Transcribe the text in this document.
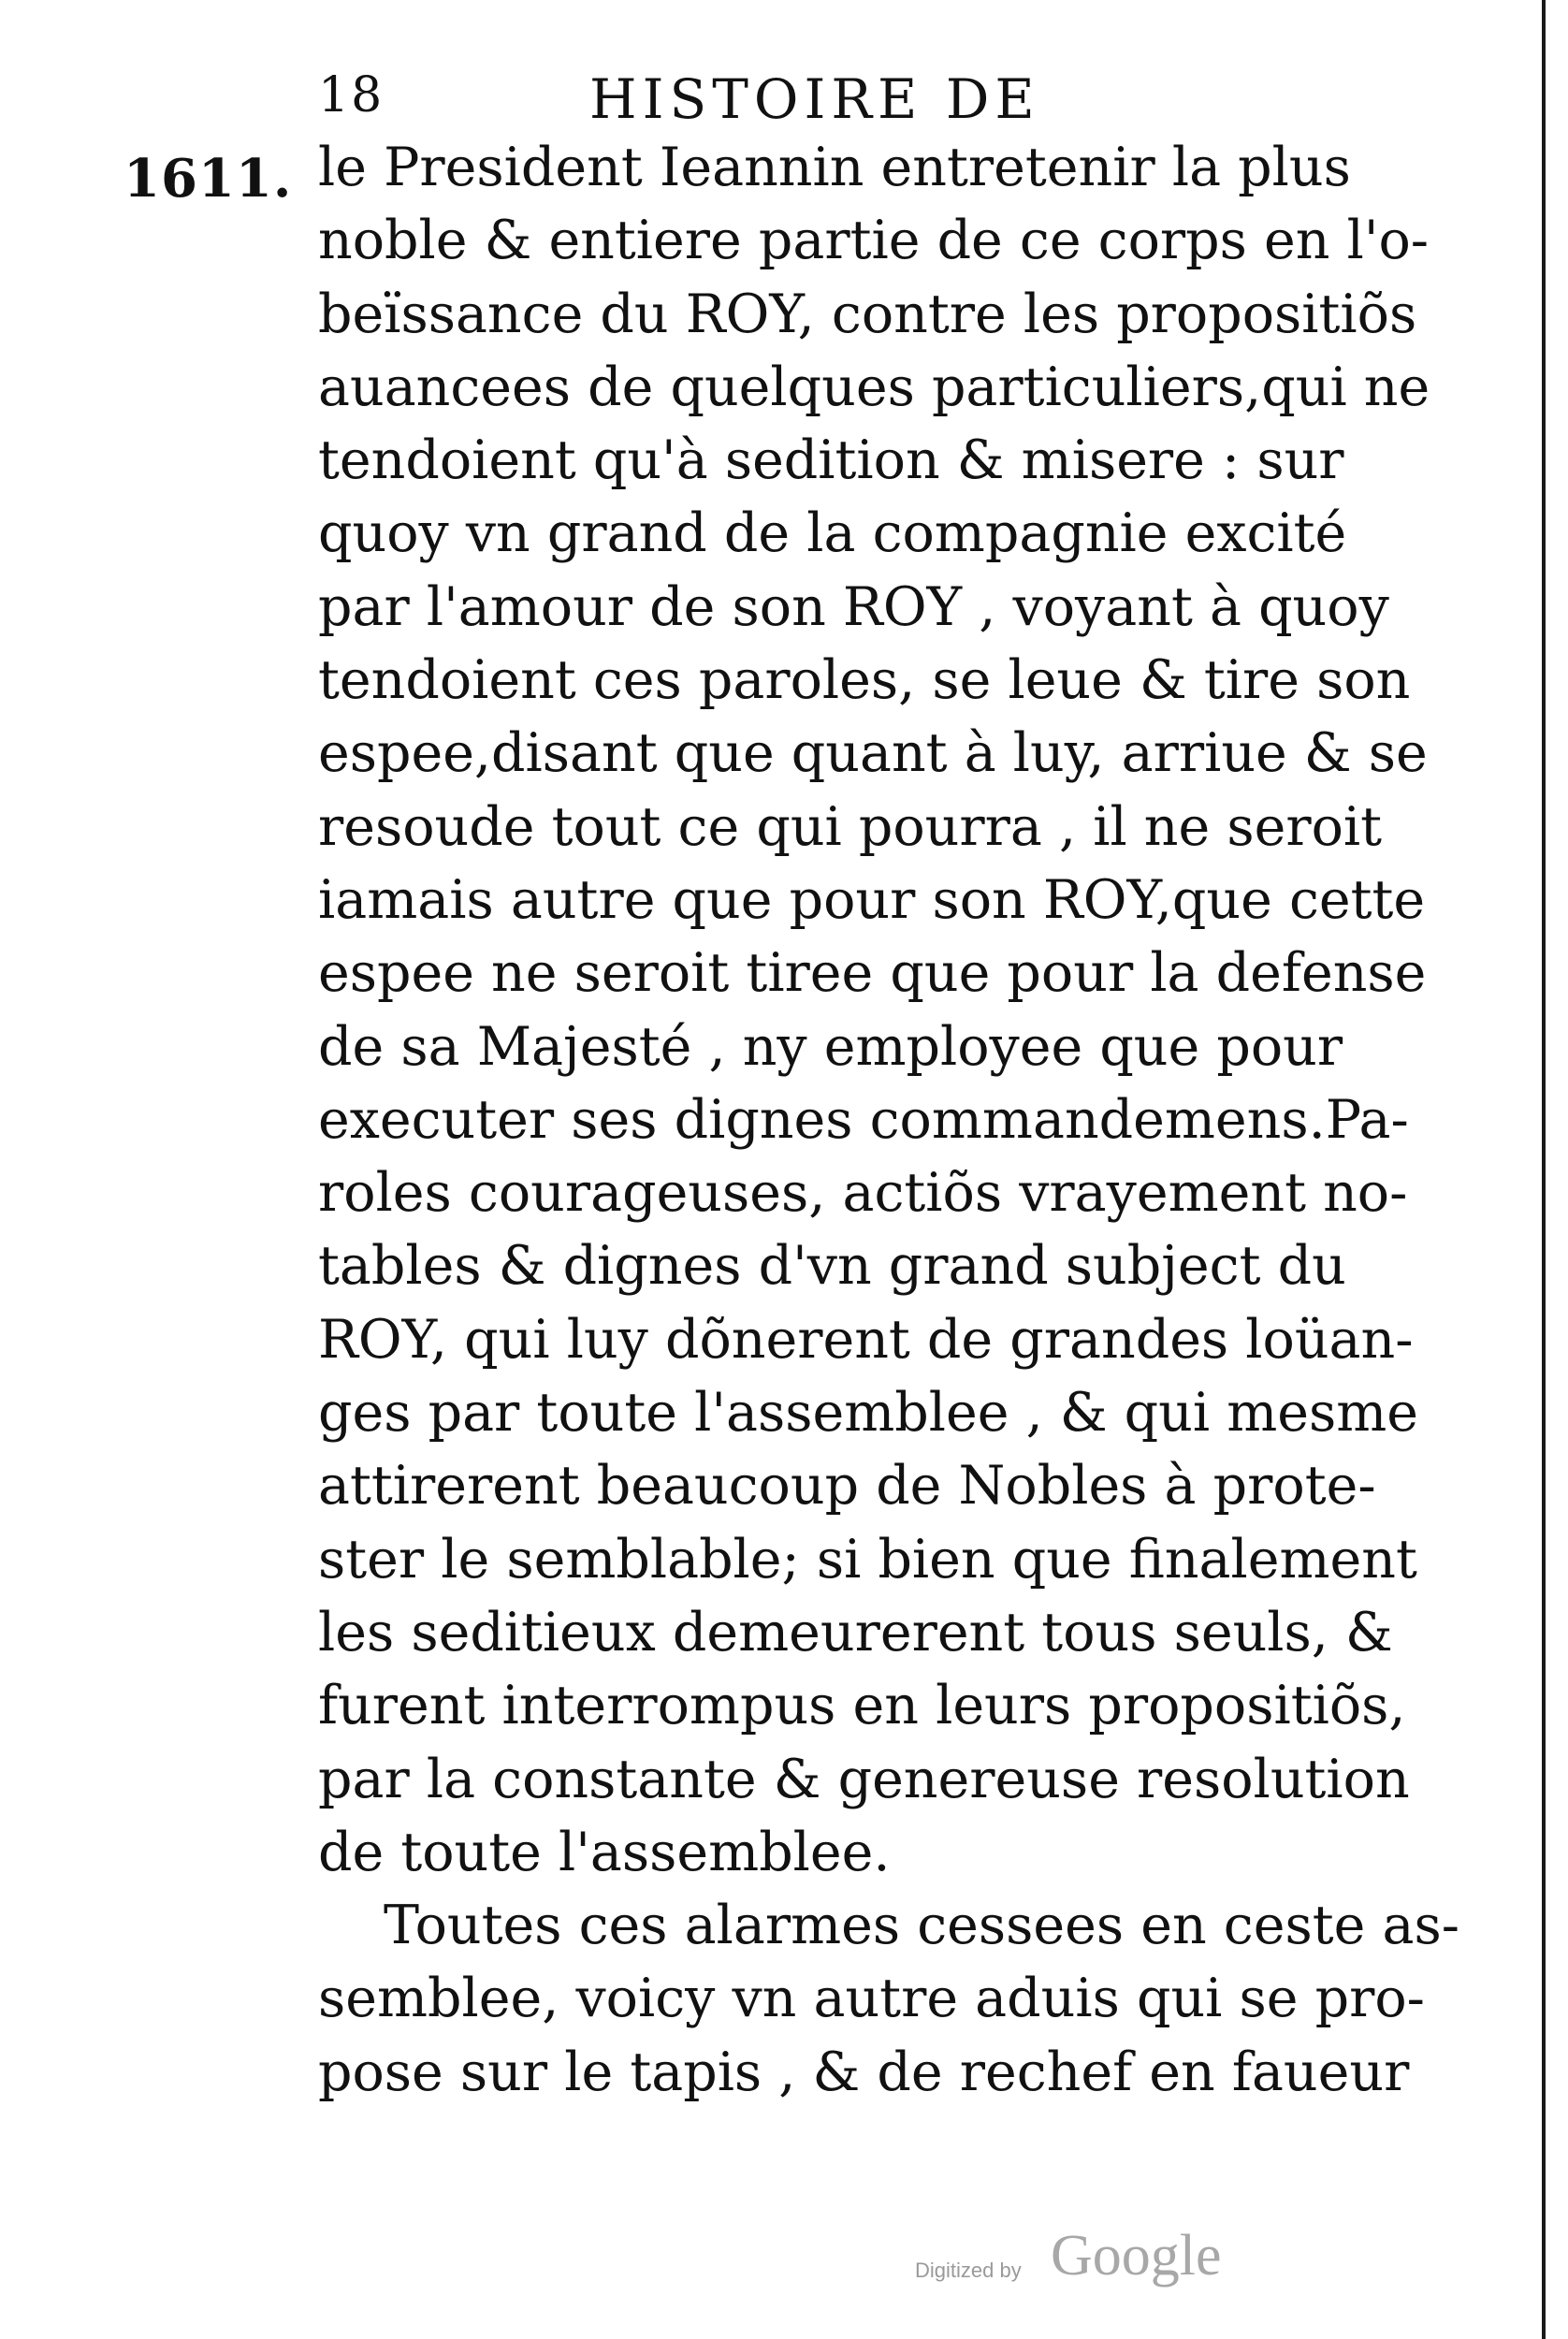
18	HISTOIRE DE
1611. le President Ieannin entretenir la plus
noble & entiere partie de ce corps en l'o-
beïssance du ROY, contre les propositiõs
auancees de quelques particuliers,qui ne
tendoient qu'à sedition & misere : sur
quoy vn grand de la compagnie excité
par l'amour de son ROY , voyant à quoy
tendoient ces paroles, se leue & tire son
espee,disant que quant à luy, arriue & se
resoude tout ce qui pourra , il ne seroit
iamais autre que pour son ROY,que cette
espee ne seroit tiree que pour la defense
de sa Majesté , ny employee que pour
executer ses dignes commandemens.Pa-
roles courageuses, actiõs vrayement no-
tables & dignes d'vn grand subject du
ROY, qui luy dõnerent de grandes loüan-
ges par toute l'assemblee , & qui mesme
attirerent beaucoup de Nobles à prote-
ster le semblable; si bien que finalement
les seditieux demeurerent tous seuls, &
furent interrompus en leurs propositiõs,
par la constante & genereuse resolution
de toute l'assemblee.
Toutes ces alarmes cessees en ceste as-
semblee, voicy vn autre aduis qui se pro-
pose sur le tapis , & de rechef en faueur
Digitized by Google
